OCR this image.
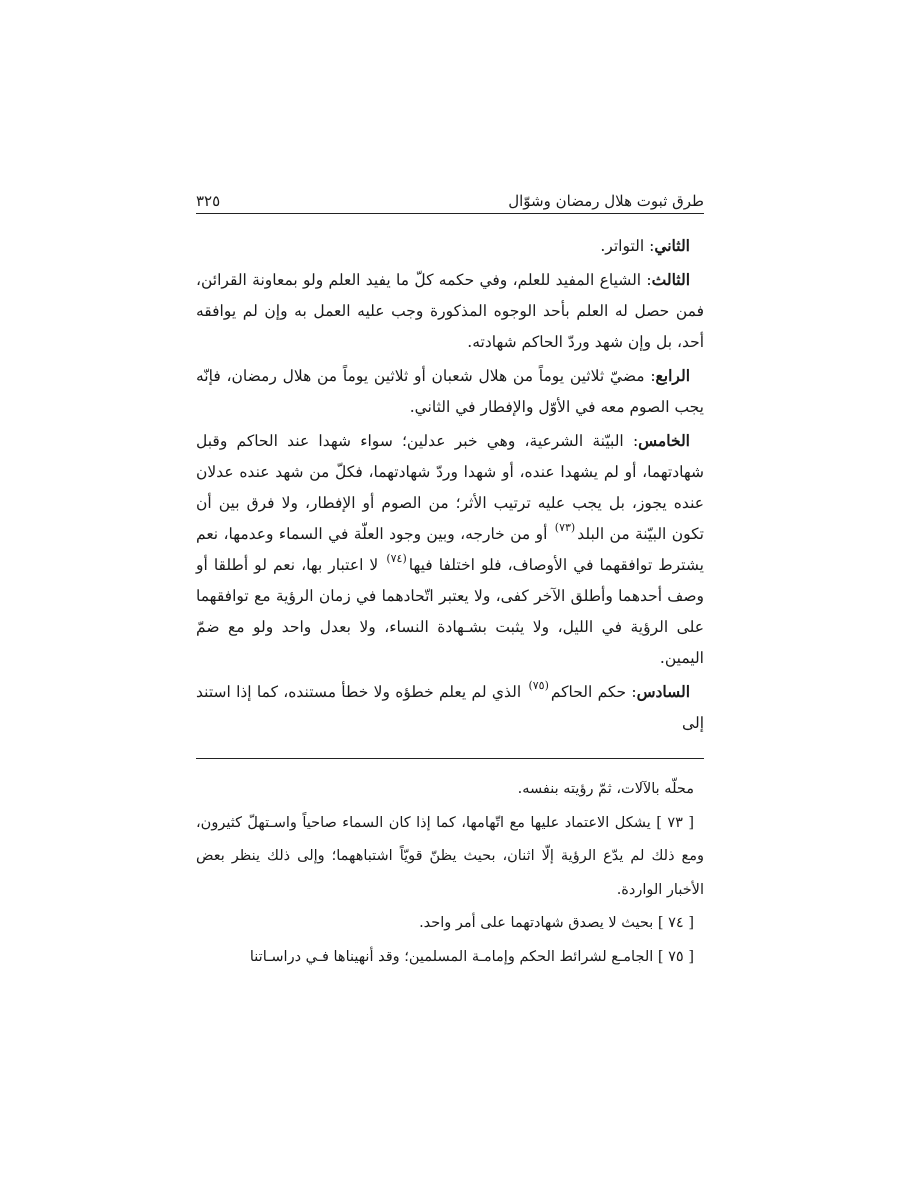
٣٢٥	طرق ثبوت هلال رمضان وشوّال

الثاني: التواتر.

الثالث: الشياع المفيد للعلم، وفي حكمه كلّ ما يفيد العلم ولو بمعاونة القرائن، فمن حصل له العلم بأحد الوجوه المذكورة وجب عليه العمل به وإن لم يوافقه أحد، بل وإن شهد وردّ الحاكم شهادته.

الرابع: مضيّ ثلاثين يوماً من هلال شعبان أو ثلاثين يوماً من هلال رمضان، فإنّه يجب الصوم معه في الأوّل والإفطار في الثاني.

الخامس: البيّنة الشرعية، وهي خبر عدلين؛ سواء شهدا عند الحاكم وقبل شهادتهما، أو لم يشهدا عنده، أو شهدا وردّ شهادتهما، فكلّ من شهد عنده عدلان عنده يجوز، بل يجب عليه ترتيب الأثر؛ من الصوم أو الإفطار، ولا فرق بين أن تكون البيّنة من البلد$^{(٧٣)}$ أو من خارجه، وبين وجود العلّة في السماء وعدمها، نعم يشترط توافقهما في الأوصاف، فلو اختلفا فيها$^{(٧٤)}$ لا اعتبار بها، نعم لو أطلقا أو وصف أحدهما وأطلق الآخر كفى، ولا يعتبر اتّحادهما في زمان الرؤية مع توافقهما على الرؤية في الليل، ولا يثبت بشـهادة النساء، ولا بعدل واحد ولو مع ضمّ اليمين.

السادس: حكم الحاكم$^{(٧٥)}$ الذي لم يعلم خطؤه ولا خطأ مستنده، كما إذا استند إلى

محلّه بالآلات، ثمّ رؤيته بنفسه.

[ ٧٣ ] يشكل الاعتماد عليها مع اتّهامها، كما إذا كان السماء صاحياً واسـتهلّ كثيرون، ومع ذلك لم يدّع الرؤية إلّا اثنان، بحيث يظنّ قويّاً اشتباههما؛ وإلى ذلك ينظر بعض الأخبار الواردة.

[ ٧٤ ] بحيث لا يصدق شهادتهما على أمر واحد.

[ ٧٥ ] الجامـع لشرائط الحكم وإمامـة المسلمين؛ وقد أنهيناها فـي دراسـاتنا
